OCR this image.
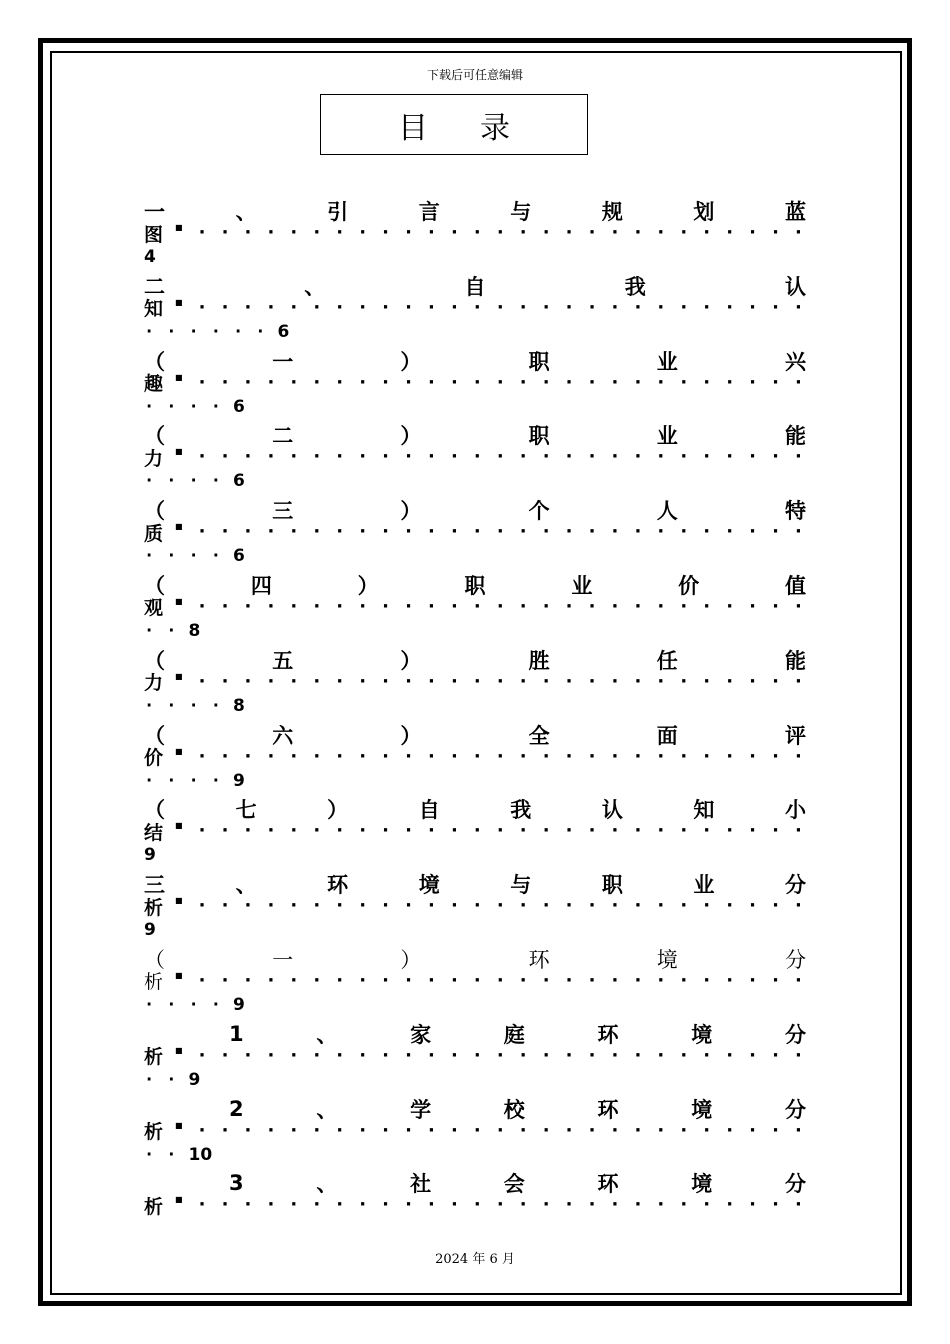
下载后可任意编辑
目录
一	、	引	言	与	规	划	蓝
图 ■ · · · · · · · · · · · · · · · · · · · · · · · · · · ·
4
二	、	自	我	认
知 ■ · · · · · · · · · · · · · · · · · · · · · · · · · · ·
· · · · · · 6
（	一	）	职	业	兴
趣 ■ · · · · · · · · · · · · · · · · · · · · · · · · · · ·
· · · · 6
（	二	）	职	业	能
力 ■ · · · · · · · · · · · · · · · · · · · · · · · · · · ·
· · · · 6
（	三	）	个	人	特
质 ■ · · · · · · · · · · · · · · · · · · · · · · · · · · ·
· · · · 6
（	四	）	职	业	价	值
观 ■ · · · · · · · · · · · · · · · · · · · · · · · · · · ·
· · 8
（	五	）	胜	任	能
力 ■ · · · · · · · · · · · · · · · · · · · · · · · · · · ·
· · · · 8
（	六	）	全	面	评
价 ■ · · · · · · · · · · · · · · · · · · · · · · · · · · ·
· · · · 9
（	七	）	自	我	认	知	小
结 ■ · · · · · · · · · · · · · · · · · · · · · · · · · · ·
9
三	、	环	境	与	职	业	分
析 ■ · · · · · · · · · · · · · · · · · · · · · · · · · · ·
9
（	一	）	环	境	分
析 ■ · · · · · · · · · · · · · · · · · · · · · · · · · · ·
· · · · 9
1	、	家	庭	环	境	分
析 ■ · · · · · · · · · · · · · · · · · · · · · · · · · · ·
· · 9
2	、	学	校	环	境	分
析 ■ · · · · · · · · · · · · · · · · · · · · · · · · · · ·
· · 10
3	、	社	会	环	境	分
析 ■ · · · · · · · · · · · · · · · · · · · · · · · · · · ·
2024 年 6 月
